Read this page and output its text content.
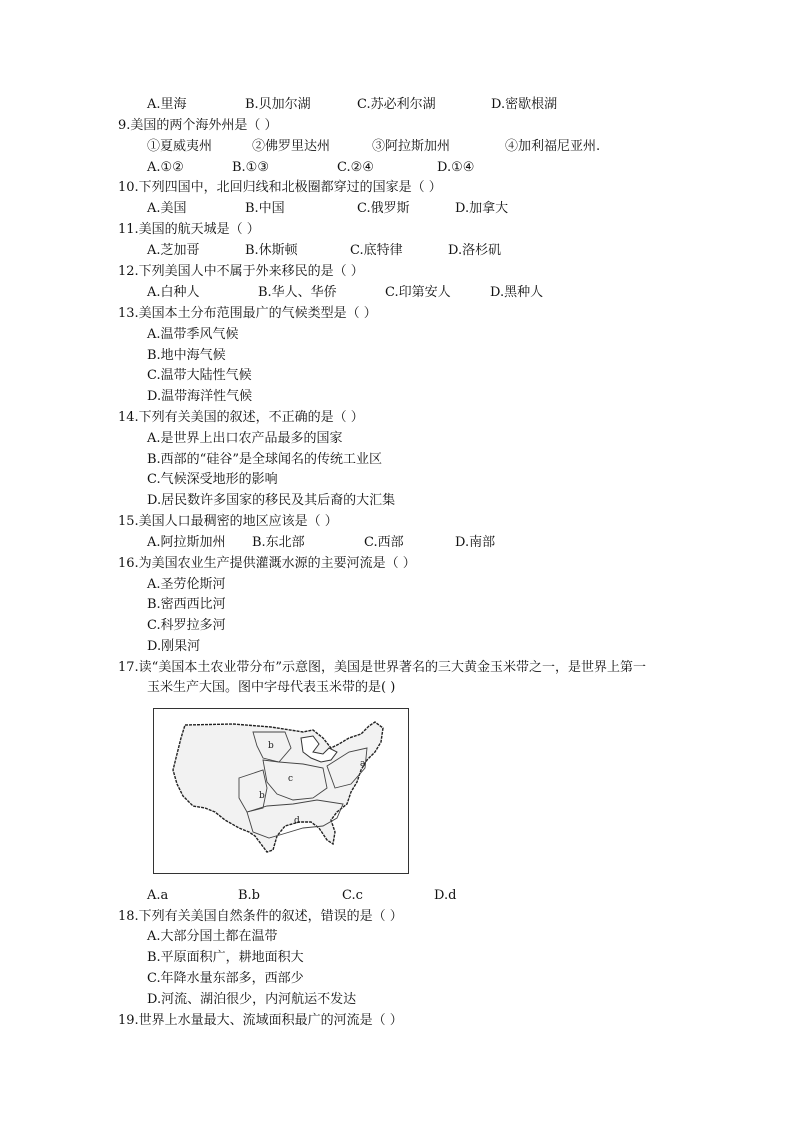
A.里海	B.贝加尔湖	C.苏必利尔湖	D.密歇根湖
9.美国的两个海外州是（ ）
①夏威夷州	②佛罗里达州	③阿拉斯加州	④加利福尼亚州.
A.①②	B.①③	C.②④	D.①④
10.下列四国中，北回归线和北极圈都穿过的国家是（ ）
A.美国	B.中国	C.俄罗斯	D.加拿大
11.美国的航天城是（ ）
A.芝加哥	B.休斯顿	C.底特律	D.洛杉矶
12.下列美国人中不属于外来移民的是（ ）
A.白种人	B.华人、华侨	C.印第安人	D.黑种人
13.美国本土分布范围最广的气候类型是（ ）
A.温带季风气候
B.地中海气候
C.温带大陆性气候
D.温带海洋性气候
14.下列有关美国的叙述，不正确的是（ ）
A.是世界上出口农产品最多的国家
B.西部的“硅谷”是全球闻名的传统工业区
C.气候深受地形的影响
D.居民数许多国家的移民及其后裔的大汇集
15.美国人口最稠密的地区应该是（ ）
A.阿拉斯加州 B.东北部	C.西部	D.南部
16.为美国农业生产提供灌溉水源的主要河流是（ ）
A.圣劳伦斯河
B.密西西比河
C.科罗拉多河
D.刚果河
17.读“美国本土农业带分布”示意图，美国是世界著名的三大黄金玉米带之一，是世界上第一
玉米生产大国。图中字母代表玉米带的是( )
a
b
b
c
d
A.a	B.b	C.c	D.d
18.下列有关美国自然条件的叙述，错误的是（ ）
A.大部分国土都在温带
B.平原面积广，耕地面积大
C.年降水量东部多，西部少
D.河流、湖泊很少，内河航运不发达
19.世界上水量最大、流域面积最广的河流是（ ）
